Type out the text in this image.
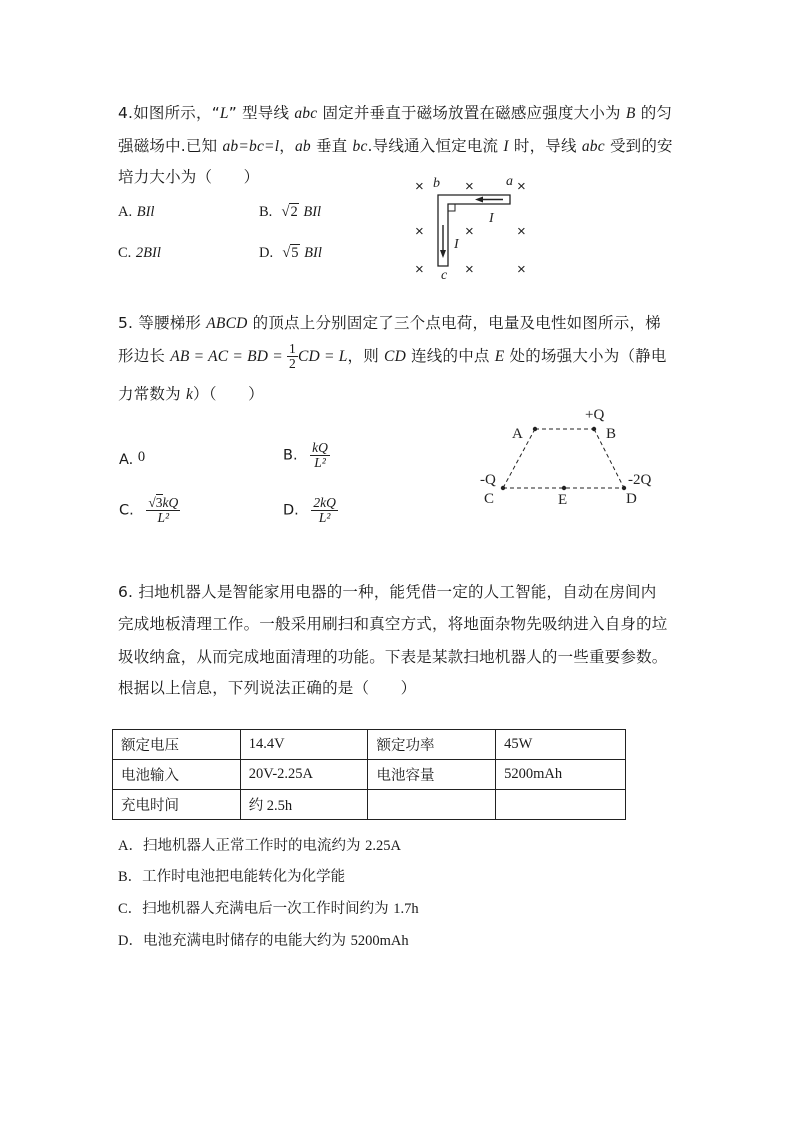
4.如图所示，“L” 型导线 abc 固定并垂直于磁场放置在磁感应强度大小为 B 的匀
强磁场中.已知 ab=bc=l，ab 垂直 bc.导线通入恒定电流 I 时，导线 abc 受到的安
培力大小为（　　）
A. BIl	B. √2 BIl
C. 2BIl	D. √5 BIl
×	×	×
×	×	×
×	×	×
b	a
c
I
I
5. 等腰梯形 ABCD 的顶点上分别固定了三个点电荷，电量及电性如图所示，梯
形边长 AB = AC = BD = $\frac{1}{2}$ CD = L，则 CD 连线的中点 E 处的场强大小为（静电
力常数为 k）（　　）
A. 0	B. $\frac{kQ}{\text{L²}}$
C. $\frac{√3kQ}{\text{L²}}$	D. $\frac{2kQ}{\text{L²}}$
A	B
+Q
-Q
C	E
-2Q
D
6. 扫地机器人是智能家用电器的一种，能凭借一定的人工智能，自动在房间内
完成地板清理工作。一般采用刷扫和真空方式，将地面杂物先吸纳进入自身的垃
圾收纳盒，从而完成地面清理的功能。下表是某款扫地机器人的一些重要参数。
根据以上信息，下列说法正确的是（　　）
额定电压	14.4V	额定功率	45W
电池输入	20V-2.25A	电池容量	5200mAh
充电时间	约 2.5h		
A．扫地机器人正常工作时的电流约为 2.25A
B．工作时电池把电能转化为化学能
C．扫地机器人充满电后一次工作时间约为 1.7h
D．电池充满电时储存的电能大约为 5200mAh
